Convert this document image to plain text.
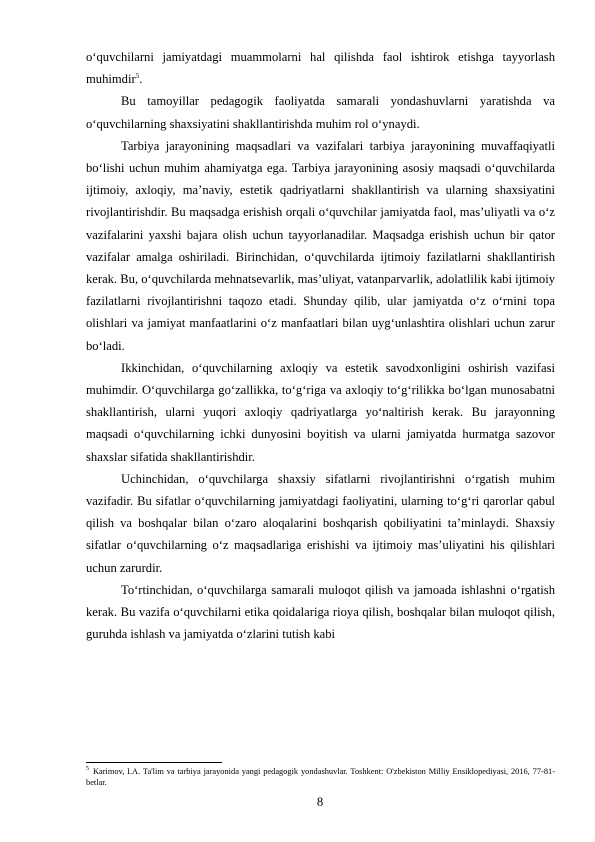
o‘quvchilarni jamiyatdagi muammolarni hal qilishda faol ishtirok etishga tayyorlash muhimdir$^5$.

Bu tamoyillar pedagogik faoliyatda samarali yondashuvlarni yaratishda va o‘quvchilarning shaxsiyatini shakllantirishda muhim rol o‘ynaydi.

Tarbiya jarayonining maqsadlari va vazifalari tarbiya jarayonining muvaffaqiyatli bo‘lishi uchun muhim ahamiyatga ega. Tarbiya jarayonining asosiy maqsadi o‘quvchilarda ijtimoiy, axloqiy, ma’naviy, estetik qadriyatlarni shakllantirish va ularning shaxsiyatini rivojlantirishdir. Bu maqsadga erishish orqali o‘quvchilar jamiyatda faol, mas’uliyatli va o‘z vazifalarini yaxshi bajara olish uchun tayyorlanadilar. Maqsadga erishish uchun bir qator vazifalar amalga oshiriladi. Birinchidan, o‘quvchilarda ijtimoiy fazilatlarni shakllantirish kerak. Bu, o‘quvchilarda mehnatsevarlik, mas’uliyat, vatanparvarlik, adolatlilik kabi ijtimoiy fazilatlarni rivojlantirishni taqozo etadi. Shunday qilib, ular jamiyatda o‘z o‘rnini topa olishlari va jamiyat manfaatlarini o‘z manfaatlari bilan uyg‘unlashtira olishlari uchun zarur bo‘ladi.

Ikkinchidan, o‘quvchilarning axloqiy va estetik savodxonligini oshirish vazifasi muhimdir. O‘quvchilarga go‘zallikka, to‘g‘riga va axloqiy to‘g‘rilikka bo‘lgan munosabatni shakllantirish, ularni yuqori axloqiy qadriyatlarga yo‘naltirish kerak. Bu jarayonning maqsadi o‘quvchilarning ichki dunyosini boyitish va ularni jamiyatda hurmatga sazovor shaxslar sifatida shakllantirishdir.

Uchinchidan, o‘quvchilarga shaxsiy sifatlarni rivojlantirishni o‘rgatish muhim vazifadir. Bu sifatlar o‘quvchilarning jamiyatdagi faoliyatini, ularning to‘g‘ri qarorlar qabul qilish va boshqalar bilan o‘zaro aloqalarini boshqarish qobiliyatini ta’minlaydi. Shaxsiy sifatlar o‘quvchilarning o‘z maqsadlariga erishishi va ijtimoiy mas’uliyatini his qilishlari uchun zarurdir.

To‘rtinchidan, o‘quvchilarga samarali muloqot qilish va jamoada ishlashni o‘rgatish kerak. Bu vazifa o‘quvchilarni etika qoidalariga rioya qilish, boshqalar bilan muloqot qilish, guruhda ishlash va jamiyatda o‘zlarini tutish kabi

$^5$ Karimov, I.A. Ta'lim va tarbiya jarayonida yangi pedagogik yondashuvlar. Toshkent: O'zbekiston Milliy Ensiklopediyasi, 2016, 77-81-betlar.

8
